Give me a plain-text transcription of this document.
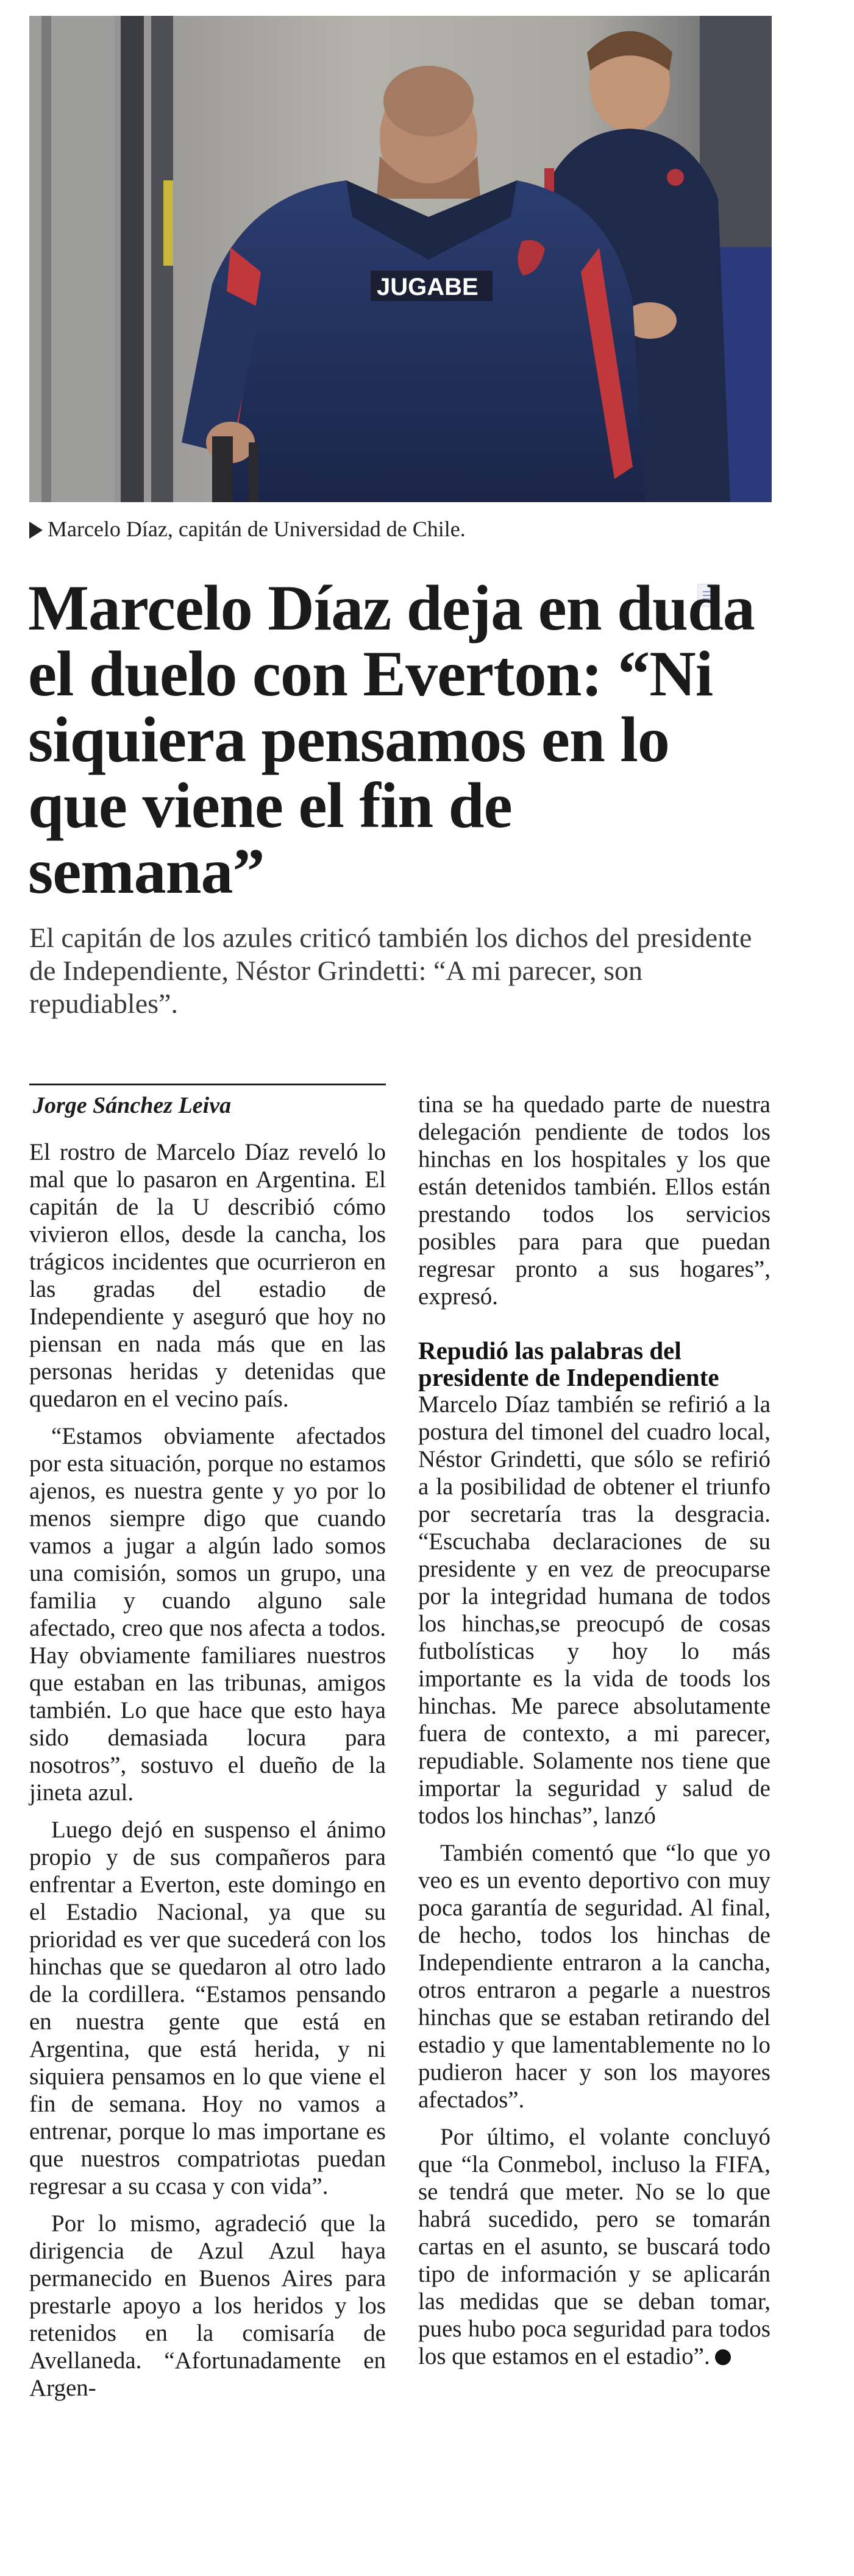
JUGABE
Marcelo Díaz, capitán de Universidad de Chile.
Marcelo Díaz deja en duda el duelo con Everton: “Ni siquiera pensamos en lo que viene el fin de semana”

El capitán de los azules criticó también los dichos del presidente de Independiente, Néstor Grindetti: “A mi parecer, son repudiables”.

Jorge Sánchez Leiva

El rostro de Marcelo Díaz reveló lo mal que lo pasaron en Argentina. El capitán de la U describió cómo vivieron ellos, desde la cancha, los trágicos incidentes que ocurrieron en las gradas del estadio de Independiente y aseguró que hoy no piensan en nada más que en las personas heridas y detenidas que quedaron en el vecino país.

“Estamos obviamente afectados por esta situación, porque no estamos ajenos, es nuestra gente y yo por lo menos siempre digo que cuando vamos a jugar a algún lado somos una comisión, somos un grupo, una familia y cuando alguno sale afectado, creo que nos afecta a todos. Hay obviamente familiares nuestros que estaban en las tribunas, amigos también. Lo que hace que esto haya sido demasiada locura para nosotros”, sostuvo el dueño de la jineta azul.

Luego dejó en suspenso el ánimo propio y de sus compañeros para enfrentar a Everton, este domingo en el Estadio Nacional, ya que su prioridad es ver que sucederá con los hinchas que se quedaron al otro lado de la cordillera. “Estamos pensando en nuestra gente que está en Argentina, que está herida, y ni siquiera pensamos en lo que viene el fin de semana. Hoy no vamos a entrenar, porque lo mas importane es que nuestros compatriotas puedan regresar a su ccasa y con vida”.

Por lo mismo, agradeció que la dirigencia de Azul Azul haya permanecido en Buenos Aires para prestarle apoyo a los heridos y los retenidos en la comisaría de Avellaneda. “Afortunadamente en Argen-

tina se ha quedado parte de nuestra delegación pendiente de todos los hinchas en los hospitales y los que están detenidos también. Ellos están prestando todos los servicios posibles para para que puedan regresar pronto a sus hogares”, expresó.

Repudió las palabras del presidente de Independiente

Marcelo Díaz también se refirió a la postura del timonel del cuadro local, Néstor Grindetti, que sólo se refirió a la posibilidad de obtener el triunfo por secretaría tras la desgracia. “Escuchaba declaraciones de su presidente y en vez de preocuparse por la integridad humana de todos los hinchas,se preocupó de cosas futbolísticas y hoy lo más importante es la vida de toods los hinchas. Me parece absolutamente fuera de contexto, a mi parecer, repudiable. Solamente nos tiene que importar la seguridad y salud de todos los hinchas”, lanzó

También comentó que “lo que yo veo es un evento deportivo con muy poca garantía de seguridad. Al final, de hecho, todos los hinchas de Independiente entraron a la cancha, otros entraron a pegarle a nuestros hinchas que se estaban retirando del estadio y que lamentablemente no lo pudieron hacer y son los mayores afectados”.

Por último, el volante concluyó que “la Conmebol, incluso la FIFA, se tendrá que meter. No se lo que habrá sucedido, pero se tomarán cartas en el asunto, se buscará todo tipo de información y se aplicarán las medidas que se deban tomar, pues hubo poca seguridad para todos los que estamos en el estadio”.
